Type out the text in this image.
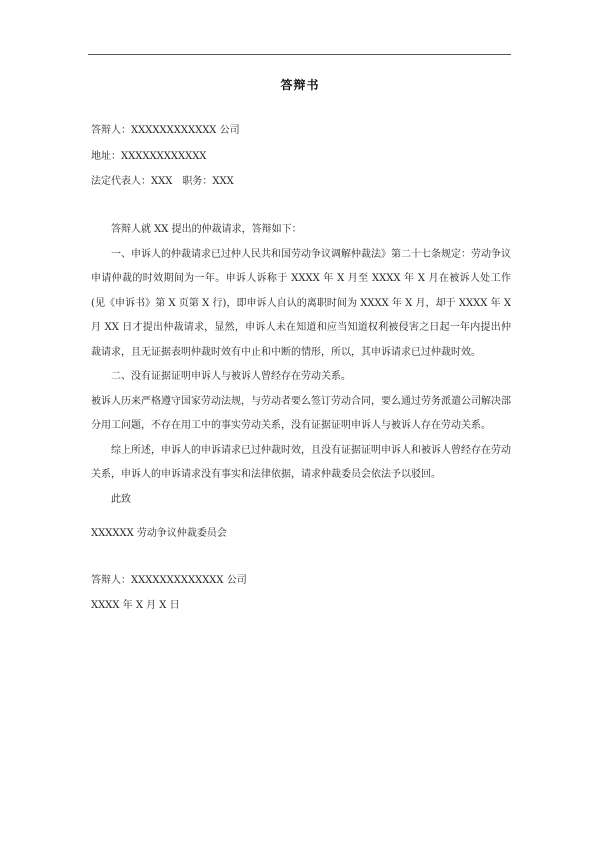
答辩书
答辩人：XXXXXXXXXXXX 公司
地址：XXXXXXXXXXXX
法定代表人：XXX　职务：XXX

答辩人就 XX 提出的仲裁请求，答辩如下：

一、申诉人的仲裁请求已过仲人民共和国劳动争议调解仲裁法》第二十七条规定：劳动争议申请仲裁的时效期间为一年。申诉人诉称于 XXXX 年 X 月至 XXXX 年 X 月在被诉人处工作(见《申诉书》第 X 页第 X 行)，即申诉人自认的离职时间为 XXXX 年 X 月，却于 XXXX 年 X 月 XX 日才提出仲裁请求，显然，申诉人未在知道和应当知道权利被侵害之日起一年内提出仲裁请求，且无证据表明仲裁时效有中止和中断的情形，所以，其申诉请求已过仲裁时效。

二、没有证据证明申诉人与被诉人曾经存在劳动关系。

被诉人历来严格遵守国家劳动法规，与劳动者要么签订劳动合同，要么通过劳务派遣公司解决部分用工问题，不存在用工中的事实劳动关系，没有证据证明申诉人与被诉人存在劳动关系。

综上所述，申诉人的申诉请求已过仲裁时效，且没有证据证明申诉人和被诉人曾经存在劳动关系，申诉人的申诉请求没有事实和法律依据，请求仲裁委员会依法予以驳回。

此致

XXXXXX 劳动争议仲裁委员会
答辩人：XXXXXXXXXXXXX 公司
XXXX 年 X 月 X 日
